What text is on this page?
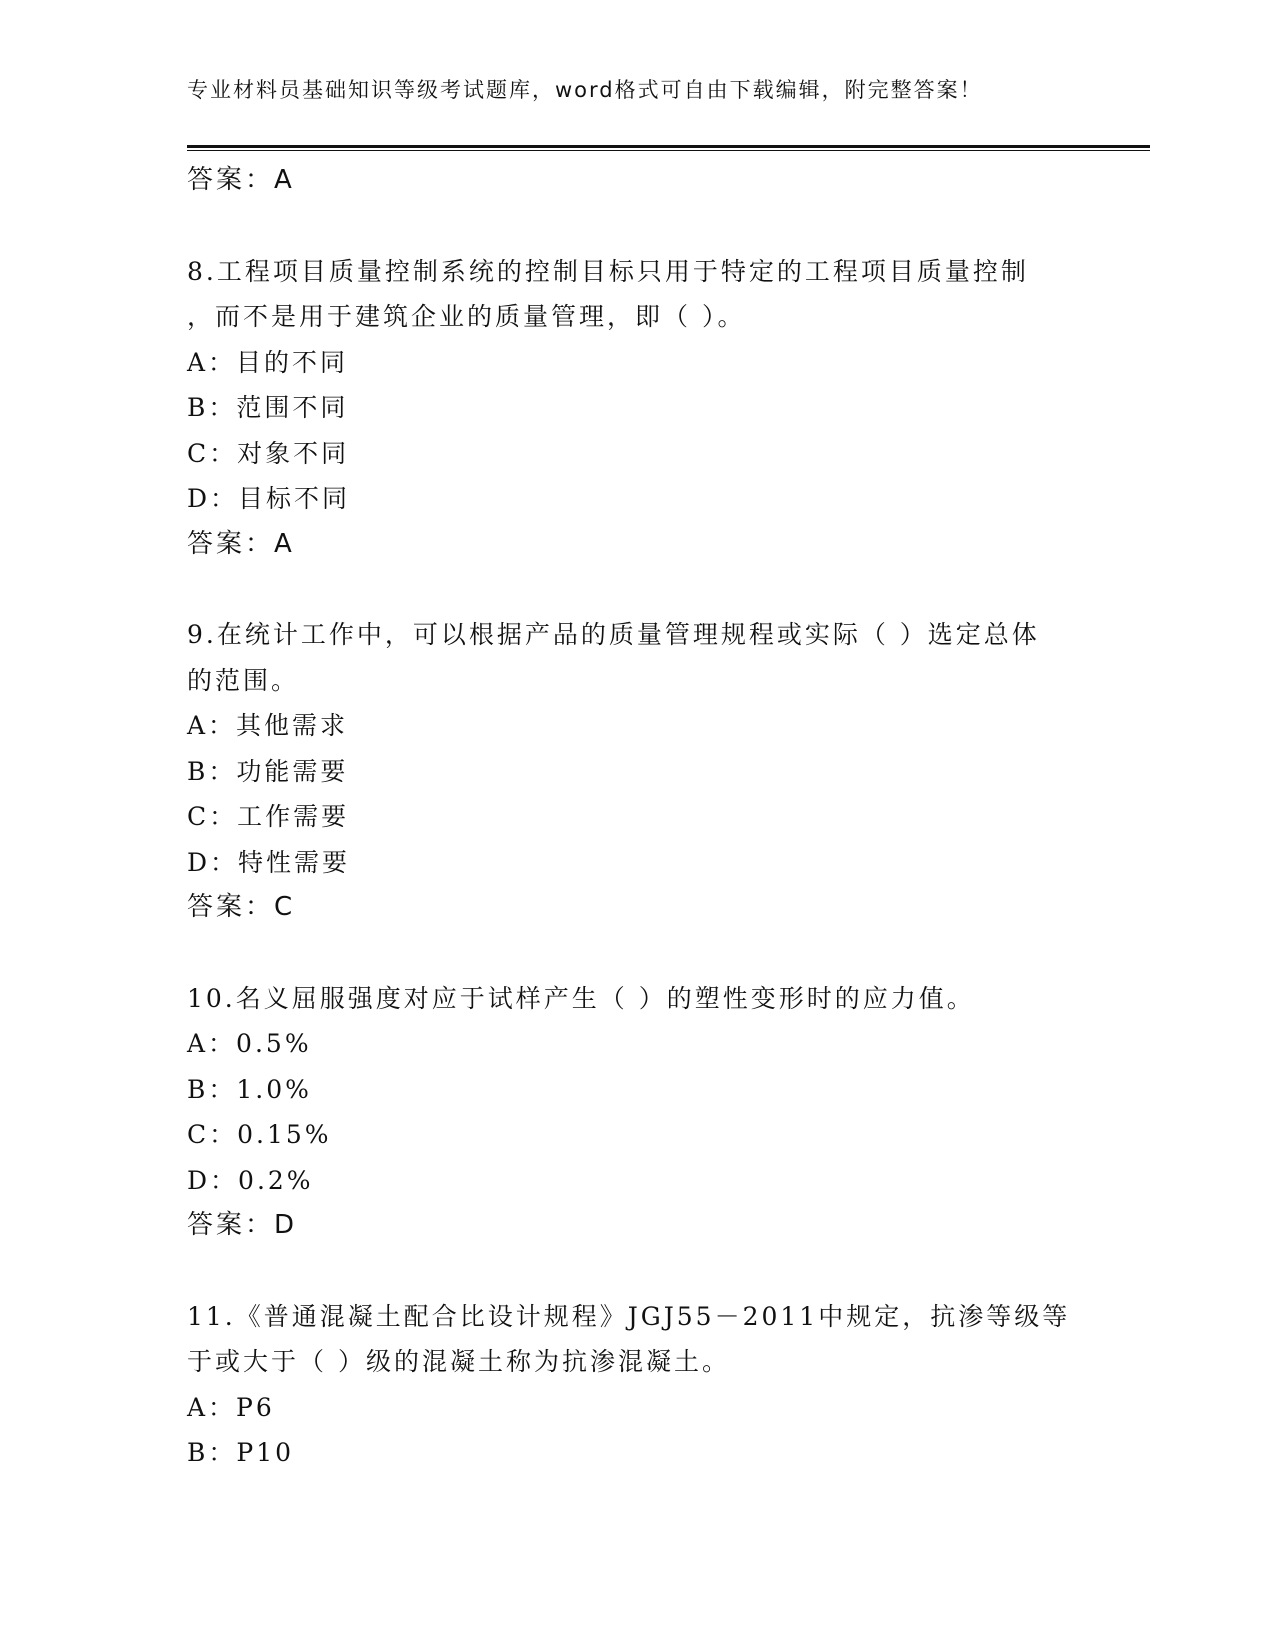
专业材料员基础知识等级考试题库，word格式可自由下载编辑，附完整答案！
答案：A
8.工程项目质量控制系统的控制目标只用于特定的工程项目质量控制
，而不是用于建筑企业的质量管理，即（ ）。
A：目的不同
B：范围不同
C：对象不同
D：目标不同
答案：A
9.在统计工作中，可以根据产品的质量管理规程或实际（ ）选定总体
的范围。
A：其他需求
B：功能需要
C：工作需要
D：特性需要
答案：C
10.名义屈服强度对应于试样产生（ ）的塑性变形时的应力值。
A：0.5%
B：1.0%
C：0.15%
D：0.2%
答案：D
11.《普通混凝土配合比设计规程》JGJ55－2011中规定，抗渗等级等
于或大于（ ）级的混凝土称为抗渗混凝土。
A：P6
B：P10
